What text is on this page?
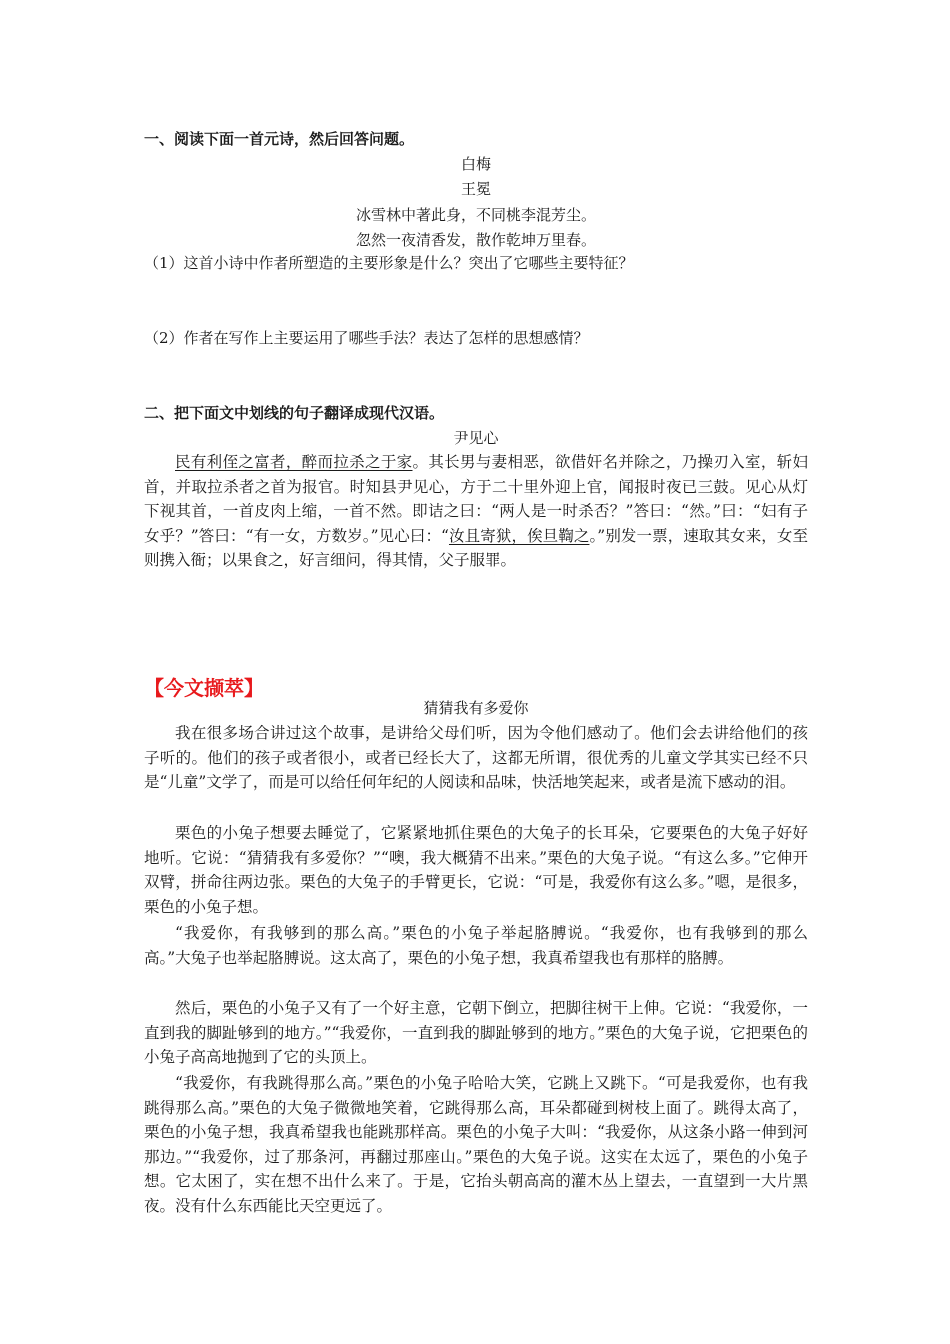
一、阅读下面一首元诗，然后回答问题。
白梅
王冕
冰雪林中著此身，不同桃李混芳尘。
忽然一夜清香发，散作乾坤万里春。
（1）这首小诗中作者所塑造的主要形象是什么？突出了它哪些主要特征？
（2）作者在写作上主要运用了哪些手法？表达了怎样的思想感情？
二、把下面文中划线的句子翻译成现代汉语。
尹见心

民有利侄之富者，醉而拉杀之于家。其长男与妻相恶，欲借奸名并除之，乃操刃入室，斩妇首，并取拉杀者之首为报官。时知县尹见心，方于二十里外迎上官，闻报时夜已三鼓。见心从灯下视其首，一首皮肉上缩，一首不然。即诘之曰：“两人是一时杀否？”答曰：“然。”曰：“妇有子女乎？”答曰：“有一女，方数岁。”见心曰：“汝且寄狱，俟旦鞫之。”别发一票，速取其女来，女至则携入衙；以果食之，好言细问，得其情，父子服罪。

【今文撷萃】
猜猜我有多爱你

我在很多场合讲过这个故事，是讲给父母们听，因为令他们感动了。他们会去讲给他们的孩子听的。他们的孩子或者很小，或者已经长大了，这都无所谓，很优秀的儿童文学其实已经不只是“儿童”文学了，而是可以给任何年纪的人阅读和品味，快活地笑起来，或者是流下感动的泪。

栗色的小兔子想要去睡觉了，它紧紧地抓住栗色的大兔子的长耳朵，它要栗色的大兔子好好地听。它说：“猜猜我有多爱你？”“噢，我大概猜不出来。”栗色的大兔子说。“有这么多。”它伸开双臂，拼命往两边张。栗色的大兔子的手臂更长，它说：“可是，我爱你有这么多。”嗯，是很多，栗色的小兔子想。

“我爱你，有我够到的那么高。”栗色的小兔子举起胳膊说。“我爱你，也有我够到的那么高。”大兔子也举起胳膊说。这太高了，栗色的小兔子想，我真希望我也有那样的胳膊。

然后，栗色的小兔子又有了一个好主意，它朝下倒立，把脚往树干上伸。它说：“我爱你，一直到我的脚趾够到的地方。”“我爱你，一直到我的脚趾够到的地方。”栗色的大兔子说，它把栗色的小兔子高高地抛到了它的头顶上。

“我爱你，有我跳得那么高。”栗色的小兔子哈哈大笑，它跳上又跳下。“可是我爱你，也有我跳得那么高。”栗色的大兔子微微地笑着，它跳得那么高，耳朵都碰到树枝上面了。跳得太高了，栗色的小兔子想，我真希望我也能跳那样高。栗色的小兔子大叫：“我爱你，从这条小路一伸到河那边。”“我爱你，过了那条河，再翻过那座山。”栗色的大兔子说。这实在太远了，栗色的小兔子想。它太困了，实在想不出什么来了。于是，它抬头朝高高的灌木丛上望去，一直望到一大片黑夜。没有什么东西能比天空更远了。
